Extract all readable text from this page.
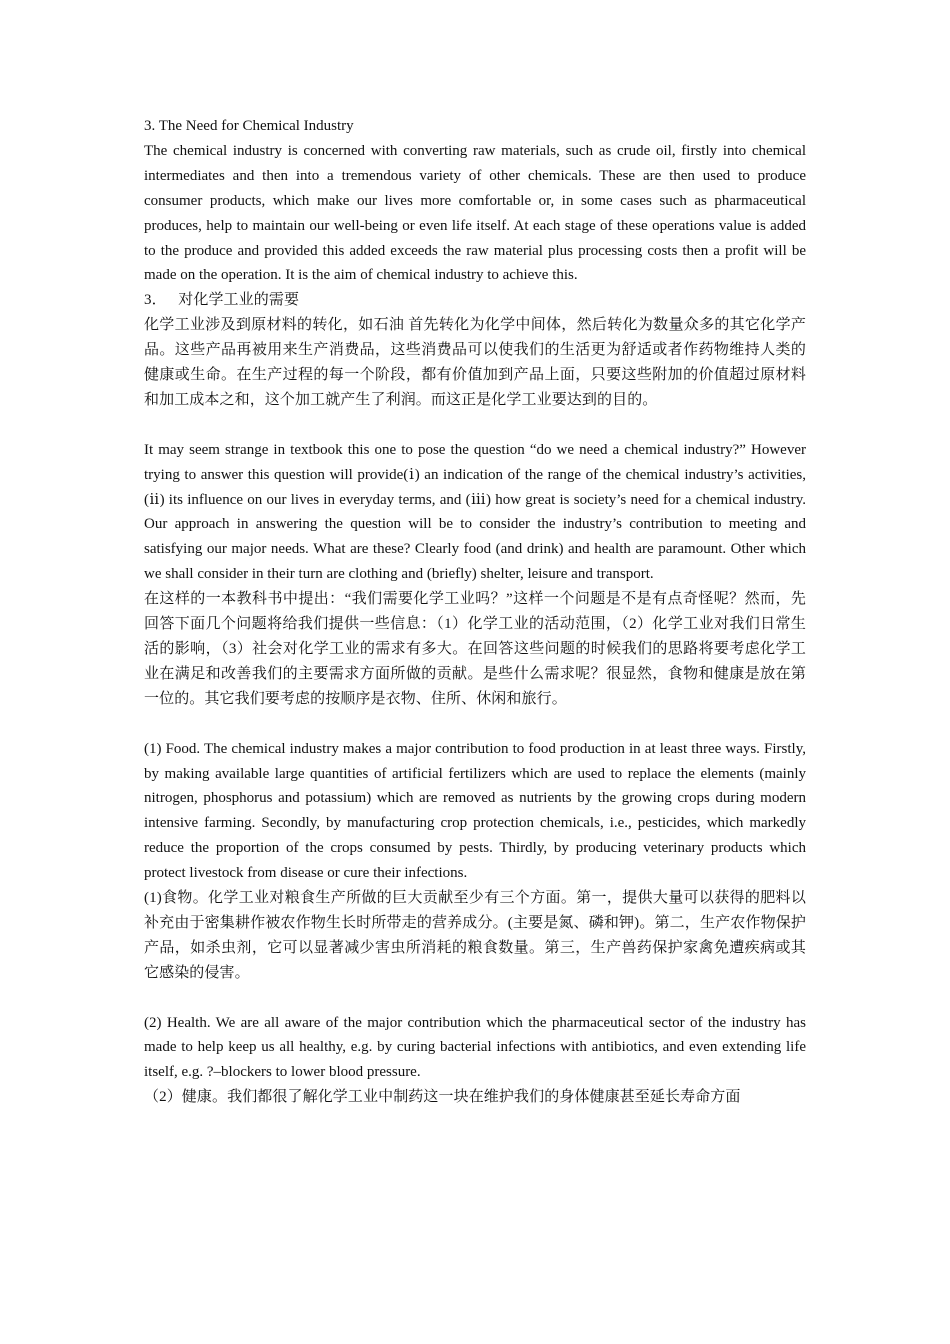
3. The Need for Chemical Industry

The chemical industry is concerned with converting raw materials, such as crude oil, firstly into chemical intermediates and then into a tremendous variety of other chemicals. These are then used to produce consumer products, which make our lives more comfortable or, in some cases such as pharmaceutical produces, help to maintain our well-being or even life itself. At each stage of these operations value is added to the produce and provided this added exceeds the raw material plus processing costs then a profit will be made on the operation. It is the aim of chemical industry to achieve this.

3．   对化学工业的需要

化学工业涉及到原材料的转化，如石油 首先转化为化学中间体，然后转化为数量众多的其它化学产品。这些产品再被用来生产消费品，这些消费品可以使我们的生活更为舒适或者作药物维持人类的健康或生命。在生产过程的每一个阶段，都有价值加到产品上面，只要这些附加的价值超过原材料和加工成本之和，这个加工就产生了利润。而这正是化学工业要达到的目的。

It may seem strange in textbook this one to pose the question “do we need a chemical industry?” However trying to answer this question will provide(ⅰ) an indication of the range of the chemical industry’s activities, (ⅱ) its influence on our lives in everyday terms, and (ⅲ) how great is society’s need for a chemical industry. Our approach in answering the question will be to consider the industry’s contribution to meeting and satisfying our major needs. What are these? Clearly food (and drink) and health are paramount. Other which we shall consider in their turn are clothing and (briefly) shelter, leisure and transport.

在这样的一本教科书中提出：“我们需要化学工业吗？”这样一个问题是不是有点奇怪呢？然而，先回答下面几个问题将给我们提供一些信息：（1）化学工业的活动范围，（2）化学工业对我们日常生活的影响，（3）社会对化学工业的需求有多大。在回答这些问题的时候我们的思路将要考虑化学工业在满足和改善我们的主要需求方面所做的贡献。是些什么需求呢？很显然，食物和健康是放在第一位的。其它我们要考虑的按顺序是衣物、住所、休闲和旅行。

(1) Food. The chemical industry makes a major contribution to food production in at least three ways. Firstly, by making available large quantities of artificial fertilizers which are used to replace the elements (mainly nitrogen, phosphorus and potassium) which are removed as nutrients by the growing crops during modern intensive farming. Secondly, by manufacturing crop protection chemicals, i.e., pesticides, which markedly reduce the proportion of the crops consumed by pests. Thirdly, by producing veterinary products which protect livestock from disease or cure their infections.

(1)食物。化学工业对粮食生产所做的巨大贡献至少有三个方面。第一，提供大量可以获得的肥料以补充由于密集耕作被农作物生长时所带走的营养成分。(主要是氮、磷和钾)。第二，生产农作物保护产品，如杀虫剂，它可以显著减少害虫所消耗的粮食数量。第三，生产兽药保护家禽免遭疾病或其它感染的侵害。

(2) Health. We are all aware of the major contribution which the pharmaceutical sector of the industry has made to help keep us all healthy, e.g. by curing bacterial infections with antibiotics, and even extending life itself, e.g. ?–blockers to lower blood pressure.

（2）健康。我们都很了解化学工业中制药这一块在维护我们的身体健康甚至延长寿命方面
